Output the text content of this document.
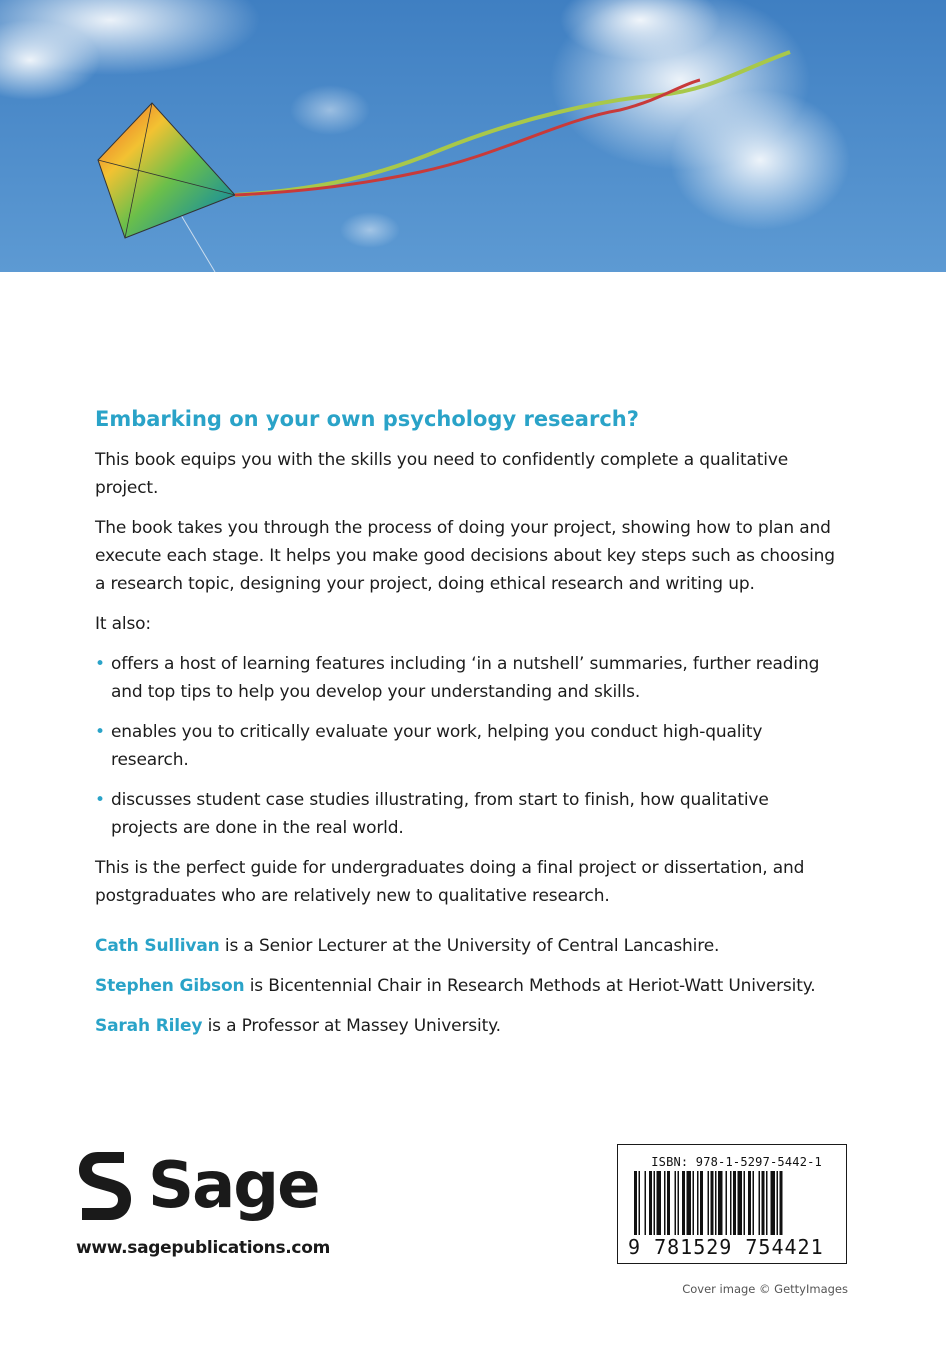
Embarking on your own psychology research?

This book equips you with the skills you need to confidently complete a qualitative project.

The book takes you through the process of doing your project, showing how to plan and execute each stage. It helps you make good decisions about key steps such as choosing a research topic, designing your project, doing ethical research and writing up.

It also:

• offers a host of learning features including ‘in a nutshell’ summaries, further reading and top tips to help you develop your understanding and skills.
• enables you to critically evaluate your work, helping you conduct high-quality research.
• discusses student case studies illustrating, from start to finish, how qualitative projects are done in the real world.

This is the perfect guide for undergraduates doing a final project or dissertation, and postgraduates who are relatively new to qualitative research.

Cath Sullivan is a Senior Lecturer at the University of Central Lancashire.

Stephen Gibson is Bicentennial Chair in Research Methods at Heriot-Watt University.

Sarah Riley is a Professor at Massey University.

Sage
www.sagepublications.com
ISBN: 978-1-5297-5442-1
9 781529 754421
Cover image © GettyImages
